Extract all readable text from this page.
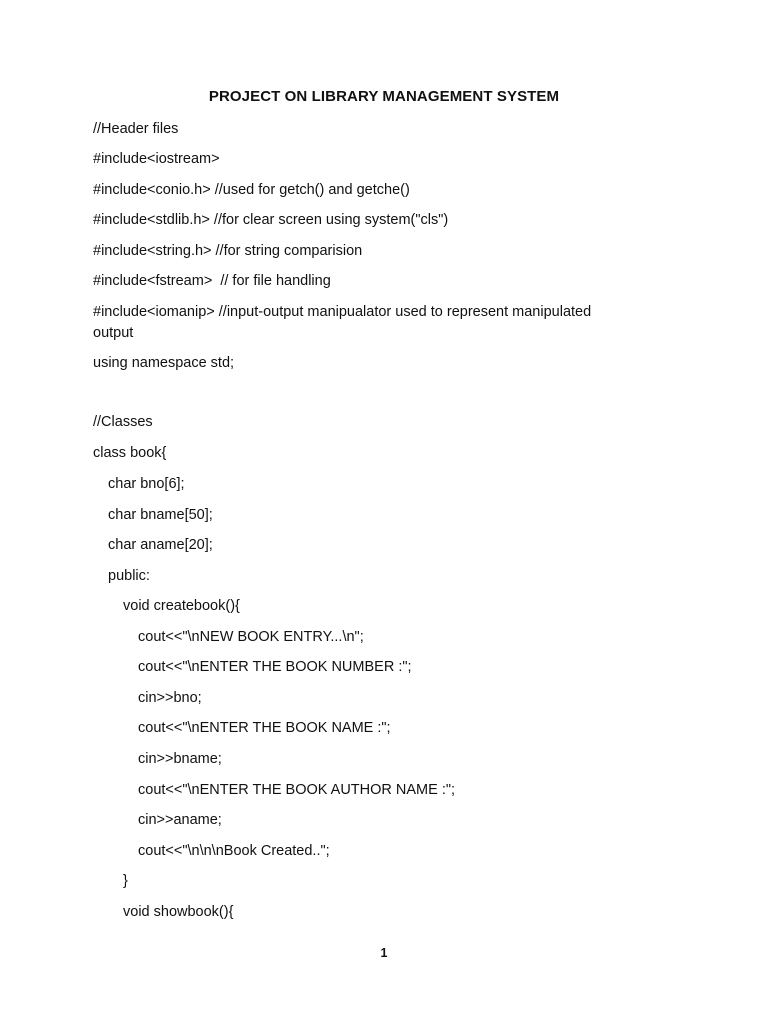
PROJECT ON LIBRARY MANAGEMENT SYSTEM
//Header files
#include<iostream>
#include<conio.h> //used for getch() and getche()
#include<stdlib.h> //for clear screen using system("cls")
#include<string.h> //for string comparision
#include<fstream>  // for file handling
#include<iomanip> //input-output manipualator used to represent manipulated
output
using namespace std;
//Classes
class book{
char bno[6];
char bname[50];
char aname[20];
public:
void createbook(){
cout<<"\nNEW BOOK ENTRY...\n";
cout<<"\nENTER THE BOOK NUMBER :";
cin>>bno;
cout<<"\nENTER THE BOOK NAME :";
cin>>bname;
cout<<"\nENTER THE BOOK AUTHOR NAME :";
cin>>aname;
cout<<"\n\n\nBook Created..";
}
void showbook(){
1
